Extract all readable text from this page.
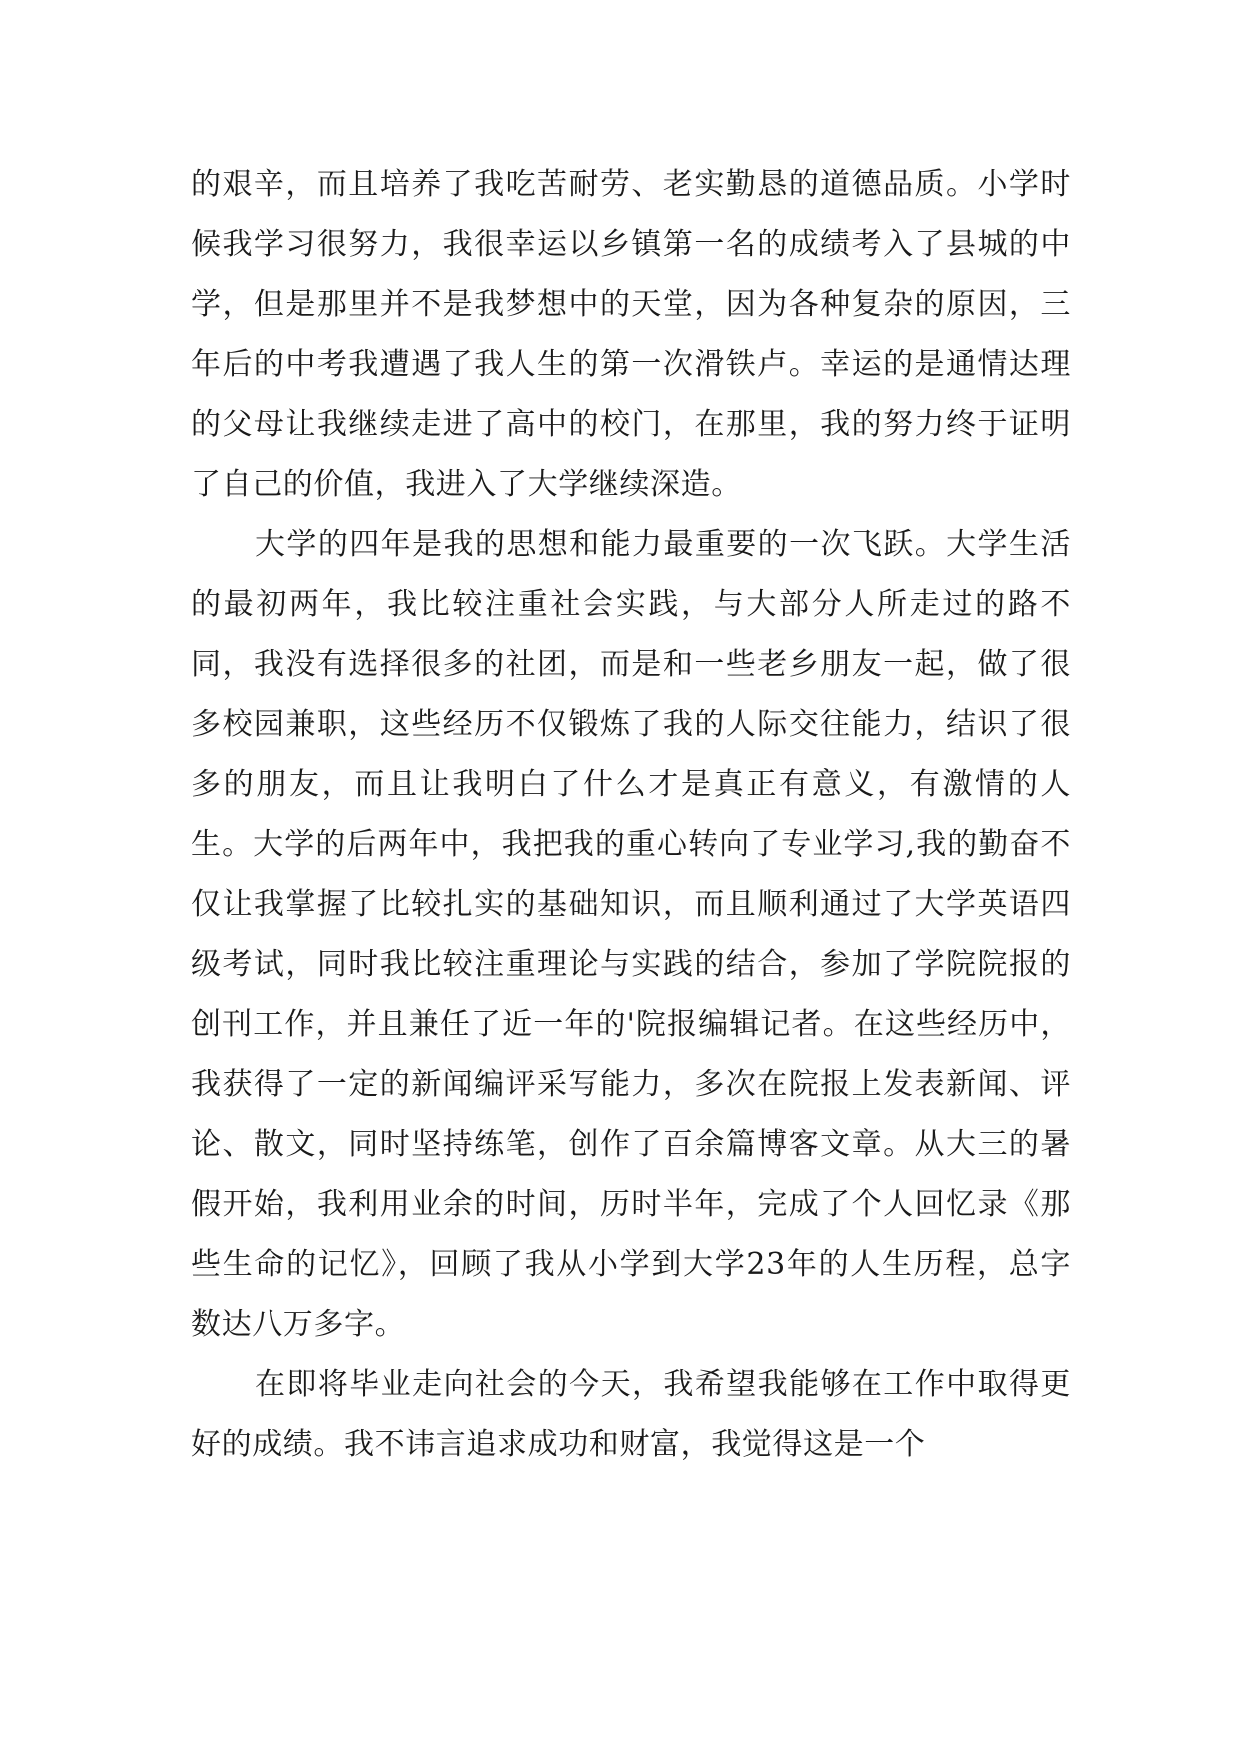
的艰辛，而且培养了我吃苦耐劳、老实勤恳的道德品质。小学时候我学习很努力，我很幸运以乡镇第一名的成绩考入了县城的中学，但是那里并不是我梦想中的天堂，因为各种复杂的原因，三年后的中考我遭遇了我人生的第一次滑铁卢。幸运的是通情达理的父母让我继续走进了高中的校门，在那里，我的努力终于证明了自己的价值，我进入了大学继续深造。

大学的四年是我的思想和能力最重要的一次飞跃。大学生活的最初两年，我比较注重社会实践，与大部分人所走过的路不同，我没有选择很多的社团，而是和一些老乡朋友一起，做了很多校园兼职，这些经历不仅锻炼了我的人际交往能力，结识了很多的朋友，而且让我明白了什么才是真正有意义，有激情的人生。大学的后两年中，我把我的重心转向了专业学习,我的勤奋不仅让我掌握了比较扎实的基础知识，而且顺利通过了大学英语四级考试，同时我比较注重理论与实践的结合，参加了学院院报的创刊工作，并且兼任了近一年的'院报编辑记者。在这些经历中，我获得了一定的新闻编评采写能力，多次在院报上发表新闻、评论、散文，同时坚持练笔，创作了百余篇博客文章。从大三的暑假开始，我利用业余的时间，历时半年，完成了个人回忆录《那些生命的记忆》，回顾了我从小学到大学23年的人生历程，总字数达八万多字。

在即将毕业走向社会的今天，我希望我能够在工作中取得更好的成绩。我不讳言追求成功和财富，我觉得这是一个
